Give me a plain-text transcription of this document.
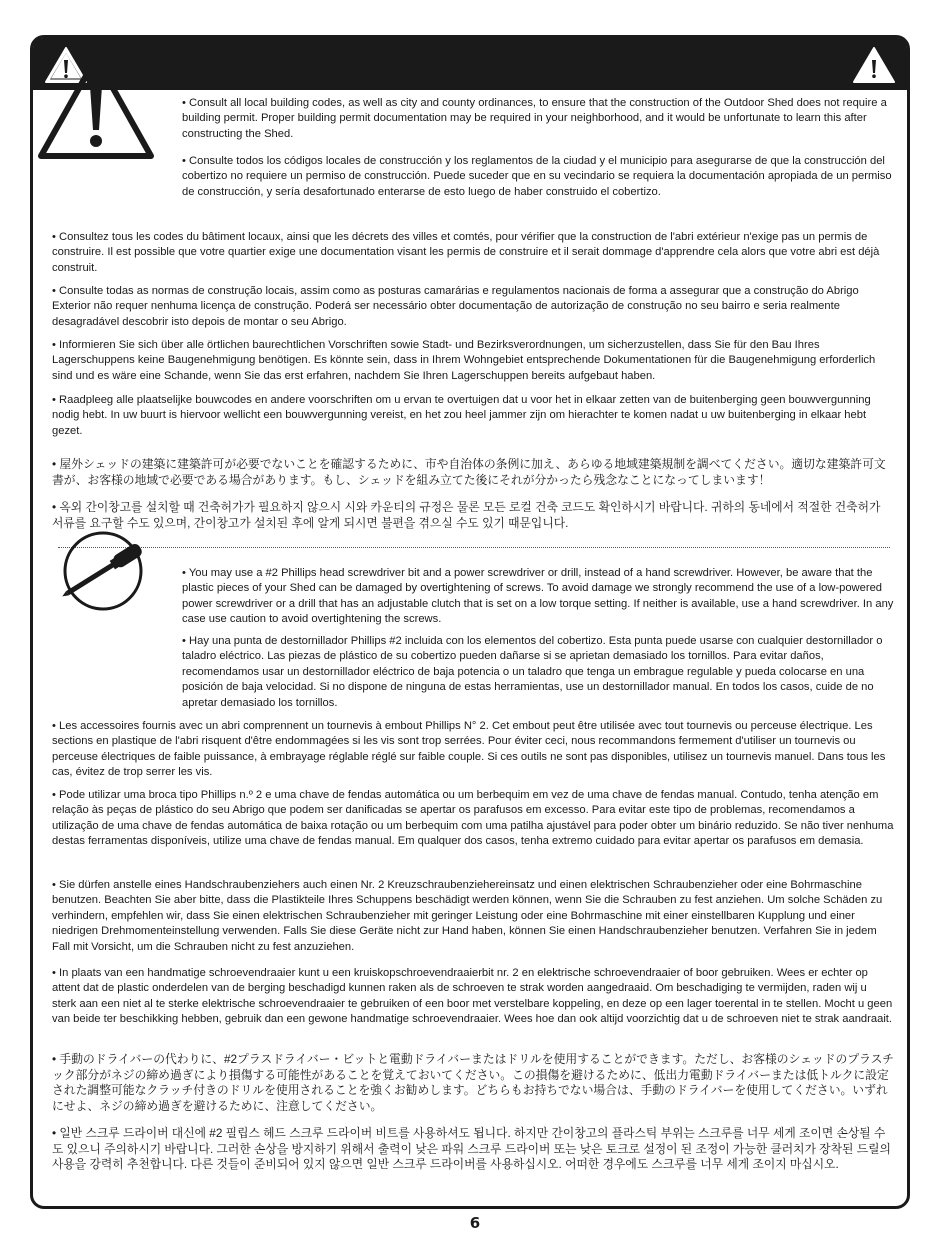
• Consult all local building codes, as well as city and county ordinances, to ensure that the construction of the Outdoor Shed does not require a building permit. Proper building permit documentation may be required in your neighborhood, and it would be unfortunate to learn this after constructing the Shed.

• Consulte todos los códigos locales de construcción y los reglamentos de la ciudad y el municipio para asegurarse de que la construcción del cobertizo no requiere un permiso de construcción. Puede suceder que en su vecindario se requiera la documentación apropiada de un permiso de construcción, y sería desafortunado enterarse de esto luego de haber construido el cobertizo.

• Consultez tous les codes du bâtiment locaux, ainsi que les décrets des villes et comtés, pour vérifier que la construction de l'abri extérieur n'exige pas un permis de construire. Il est possible que votre quartier exige une documentation visant les permis de construire et il serait dommage d'apprendre cela alors que votre abri est déjà construit.

• Consulte todas as normas de construção locais, assim como as posturas camarárias e regulamentos nacionais de forma a assegurar que a construção do Abrigo Exterior não requer nenhuma licença de construção. Poderá ser necessário obter documentação de autorização de construção no seu bairro e seria realmente desagradável descobrir isto depois de montar o seu Abrigo.

• Informieren Sie sich über alle örtlichen baurechtlichen Vorschriften sowie Stadt- und Bezirksverordnungen, um sicherzustellen, dass Sie für den Bau Ihres Lagerschuppens keine Baugenehmigung benötigen. Es könnte sein, dass in Ihrem Wohngebiet entsprechende Dokumentationen für die Baugenehmigung erforderlich sind und es wäre eine Schande, wenn Sie das erst erfahren, nachdem Sie Ihren Lagerschuppen bereits aufgebaut haben.

• Raadpleeg alle plaatselijke bouwcodes en andere voorschriften om u ervan te overtuigen dat u voor het in elkaar zetten van de buitenberging geen bouwvergunning nodig hebt. In uw buurt is hiervoor wellicht een bouwvergunning vereist, en het zou heel jammer zijn om hierachter te komen nadat u uw buitenberging in elkaar hebt gezet.

• 屋外シェッドの建築に建築許可が必要でないことを確認するために、市や自治体の条例に加え、あらゆる地域建築規制を調べてください。適切な建築許可文書が、お客様の地域で必要である場合があります。もし、シェッドを組み立てた後にそれが分かったら残念なことになってしまいます！

• 옥외 간이창고를 설치할 때 건축허가가 필요하지 않으시 시와 카운티의 규정은 물론 모든 로컬 건축 코드도 확인하시기 바랍니다. 귀하의 동네에서 적절한 건축허가 서류를 요구할 수도 있으며, 간이창고가 설치된 후에 알게 되시면 불편을 겪으실 수도 있기 때문입니다.

• You may use a #2 Phillips head screwdriver bit and a power screwdriver or drill, instead of a hand screwdriver. However, be aware that the plastic pieces of your Shed can be damaged by overtightening of screws. To avoid damage we strongly recommend the use of a low-powered power screwdriver or a drill that has an adjustable clutch that is set on a low torque setting. If neither is available, use a hand screwdriver. In any case use caution to avoid overtightening the screws.

• Hay una punta de destornillador Phillips #2 incluida con los elementos del cobertizo. Esta punta puede usarse con cualquier destornillador o taladro eléctrico. Las piezas de plástico de su cobertizo pueden dañarse si se aprietan demasiado los tornillos. Para evitar daños, recomendamos usar un destornillador eléctrico de baja potencia o un taladro que tenga un embrague regulable y pueda colocarse en una posición de baja velocidad. Si no dispone de ninguna de estas herramientas, use un destornillador manual. En todos los casos, cuide de no apretar demasiado los tornillos.

• Les accessoires fournis avec un abri comprennent un tournevis à embout Phillips N° 2. Cet embout peut être utilisée avec tout tournevis ou perceuse électrique. Les sections en plastique de l'abri risquent d'être endommagées si les vis sont trop serrées. Pour éviter ceci, nous recommandons fermement d'utiliser un tournevis ou perceuse électriques de faible puissance, à embrayage réglable réglé sur faible couple. Si ces outils ne sont pas disponibles, utilisez un tournevis manuel. Dans tous les cas, évitez de trop serrer les vis.

• Pode utilizar uma broca tipo Phillips n.º 2 e uma chave de fendas automática ou um berbequim em vez de uma chave de fendas manual. Contudo, tenha atenção em relação às peças de plástico do seu Abrigo que podem ser danificadas se apertar os parafusos em excesso. Para evitar este tipo de problemas, recomendamos a utilização de uma chave de fendas automática de baixa rotação ou um berbequim com uma patilha ajustável para poder obter um binário reduzido. Se não tiver nenhuma destas ferramentas disponíveis, utilize uma chave de fendas manual. Em qualquer dos casos, tenha extremo cuidado para evitar apertar os parafusos em demasia.

• Sie dürfen anstelle eines Handschraubenziehers auch einen Nr. 2 Kreuzschraubenziehereinsatz und einen elektrischen Schraubenzieher oder eine Bohrmaschine benutzen. Beachten Sie aber bitte, dass die Plastikteile Ihres Schuppens beschädigt werden können, wenn Sie die Schrauben zu fest anziehen. Um solche Schäden zu verhindern, empfehlen wir, dass Sie einen elektrischen Schraubenzieher mit geringer Leistung oder eine Bohrmaschine mit einer einstellbaren Kupplung und einer niedrigen Drehmomenteinstellung verwenden. Falls Sie diese Geräte nicht zur Hand haben, können Sie einen Handschraubenzieher benutzen. Verfahren Sie in jedem Fall mit Vorsicht, um die Schrauben nicht zu fest anzuziehen.

• In plaats van een handmatige schroevendraaier kunt u een kruiskopschroevendraaierbit nr. 2 en elektrische schroevendraaier of boor gebruiken. Wees er echter op attent dat de plastic onderdelen van de berging beschadigd kunnen raken als de schroeven te strak worden aangedraaid. Om beschadiging te vermijden, raden wij u sterk aan een niet al te sterke elektrische schroevendraaier te gebruiken of een boor met verstelbare koppeling, en deze op een lager toerental in te stellen. Mocht u geen van beide ter beschikking hebben, gebruik dan een gewone handmatige schroevendraaier. Wees hoe dan ook altijd voorzichtig dat u de schroeven niet te strak aandraait.

• 手動のドライバーの代わりに、#2プラスドライバー・ビットと電動ドライバーまたはドリルを使用することができます。ただし、お客様のシェッドのプラスチック部分がネジの締め過ぎにより損傷する可能性があることを覚えておいてください。この損傷を避けるために、低出力電動ドライバーまたは低トルクに設定された調整可能なクラッチ付きのドリルを使用されることを強くお勧めします。どちらもお持ちでない場合は、手動のドライバーを使用してください。いずれにせよ、ネジの締め過ぎを避けるために、注意してください。

• 일반 스크루 드라이버 대신에 #2 필립스 헤드 스크루 드라이버 비트를 사용하셔도 됩니다. 하지만 간이창고의 플라스틱 부위는 스크루를 너무 세게 조이면 손상될 수도 있으니 주의하시기 바랍니다. 그러한 손상을 방지하기 위해서 출력이 낮은 파워 스크루 드라이버 또는 낮은 토크로 설정이 된 조정이 가능한 클러치가 장착된 드릴의 사용을 강력히 추천합니다. 다른 것들이 준비되어 있지 않으면 일반 스크루 드라이버를 사용하십시오. 어떠한 경우에도 스크루를 너무 세게 조이지 마십시오.

6
